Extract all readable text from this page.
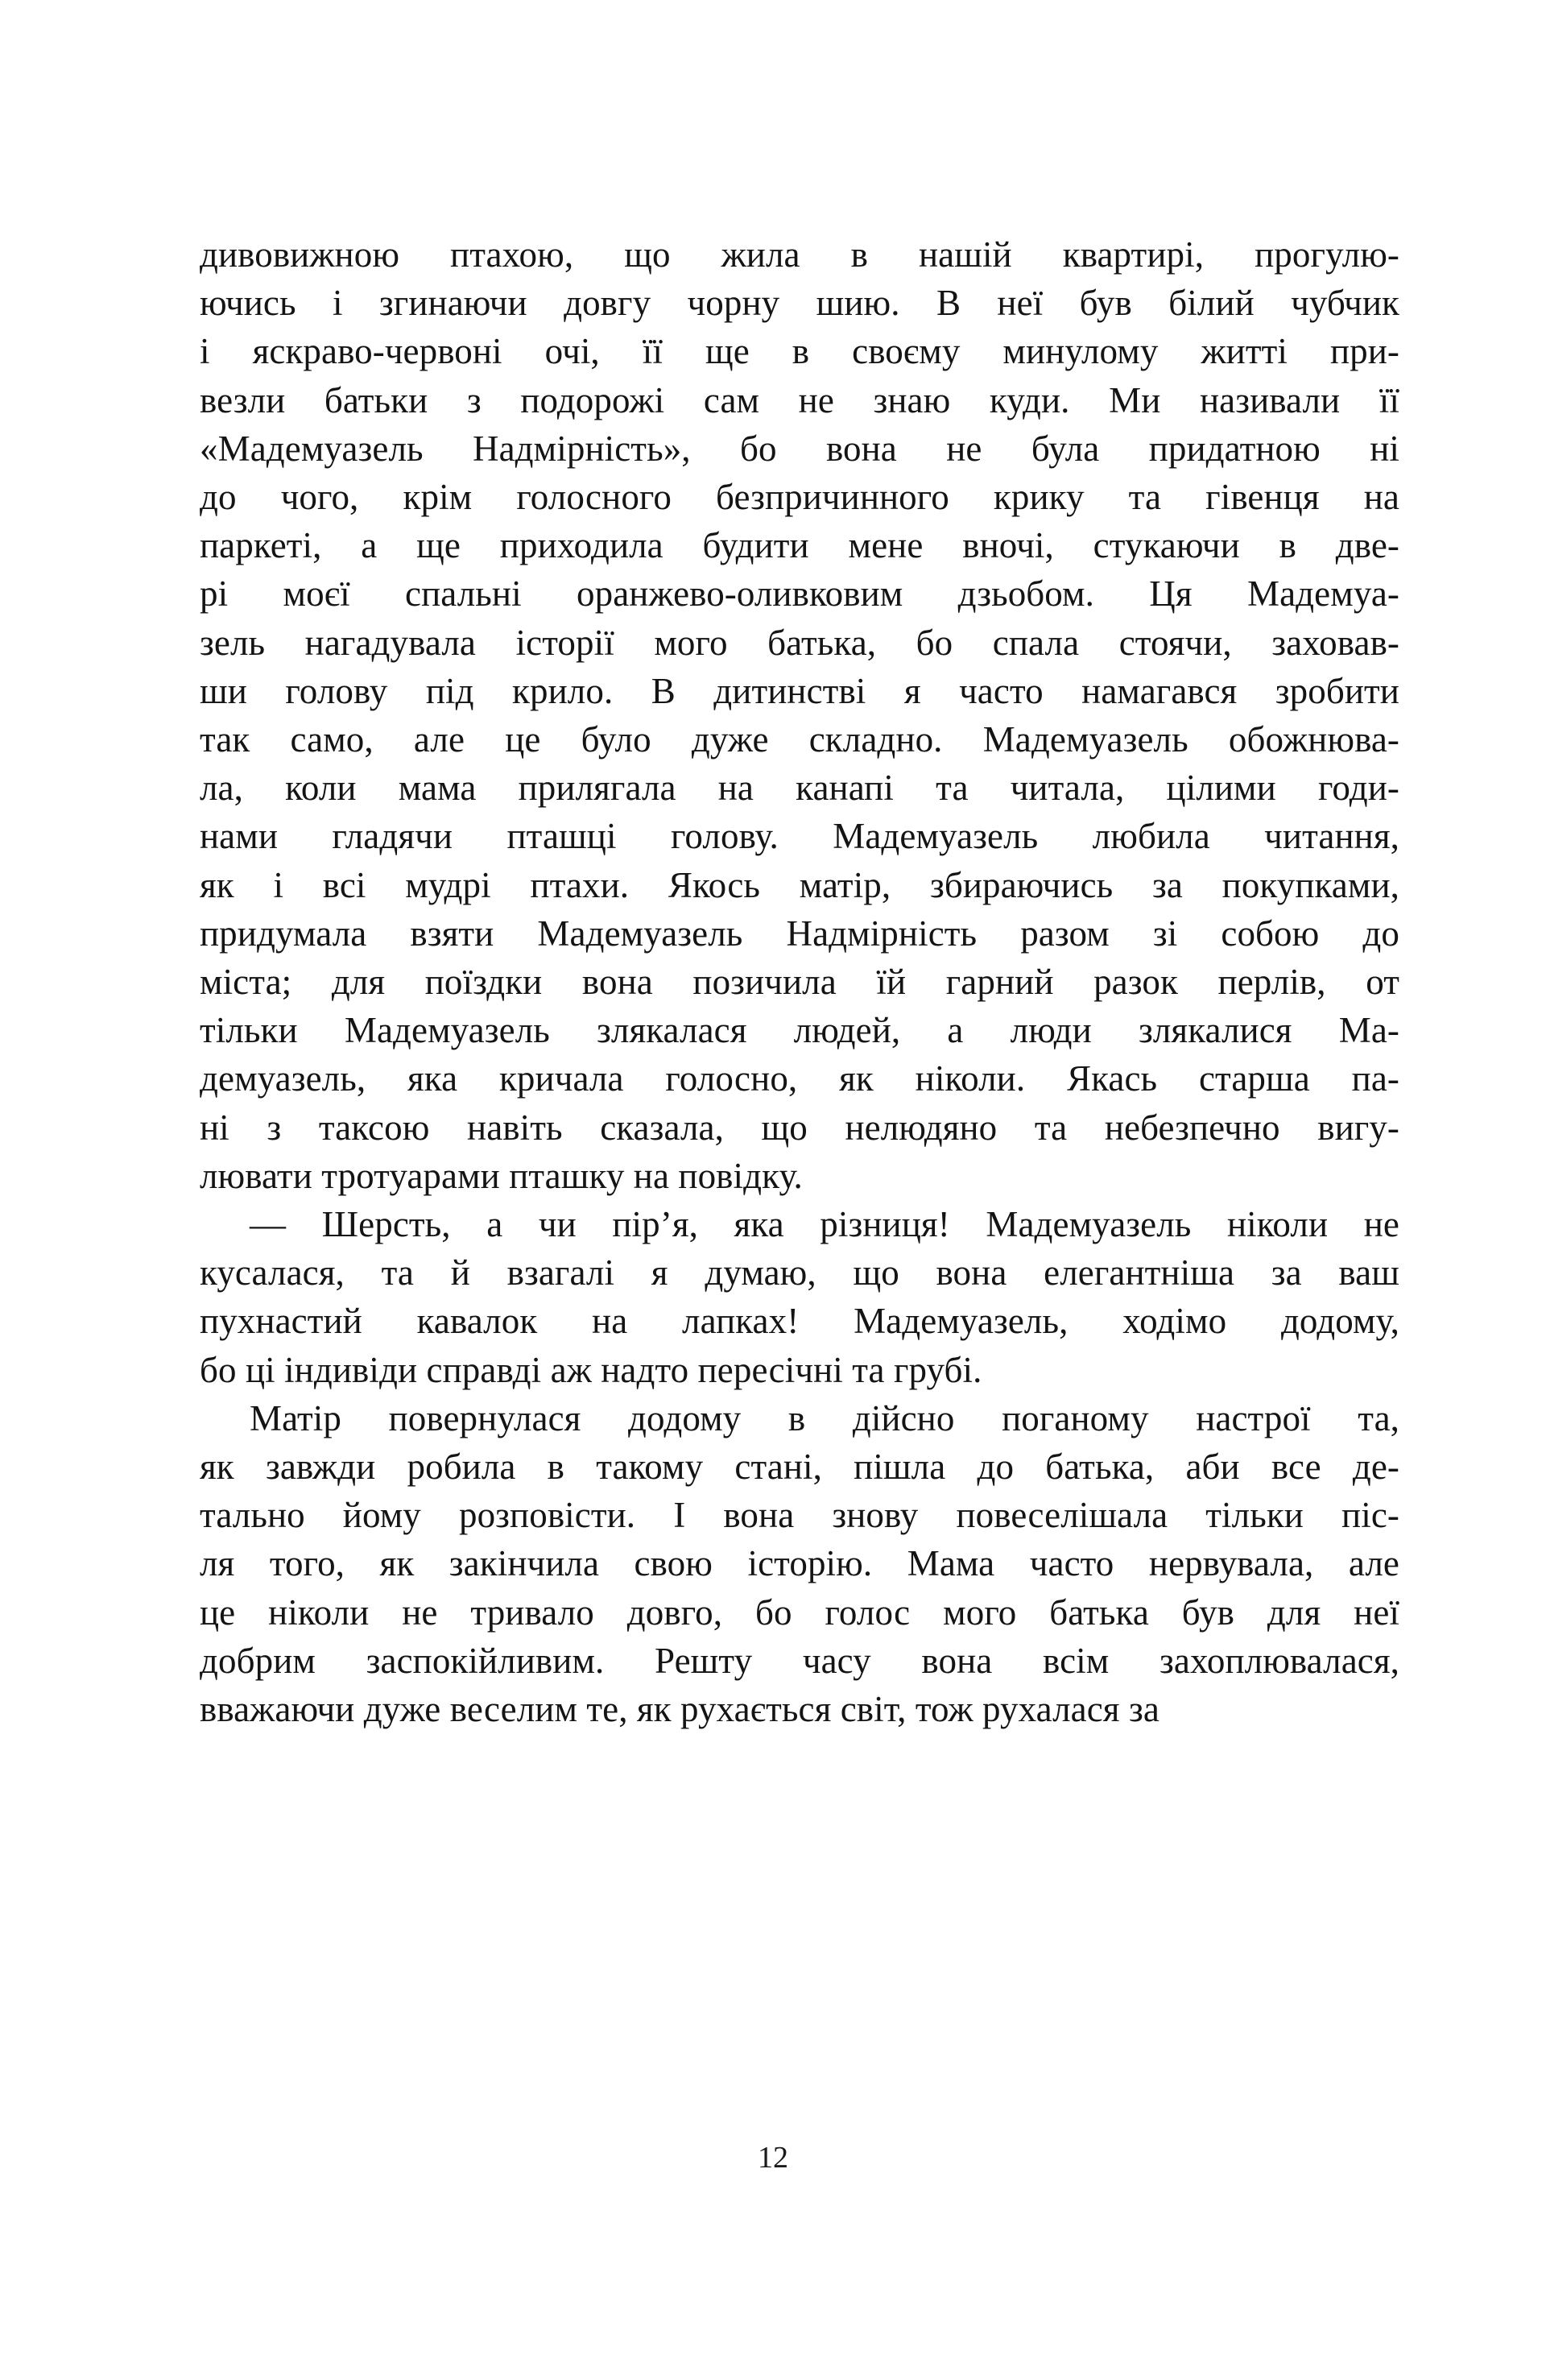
дивовижною птахою, що жила в нашій квартирі, прогулю-
ючись і згинаючи довгу чорну шию. В неї був білий чубчик
і яскраво-червоні очі, її ще в своєму минулому житті при-
везли батьки з подорожі сам не знаю куди. Ми називали її
«Мадемуазель Надмірність», бо вона не була придатною ні
до чого, крім голосного безпричинного крику та гівенця на
паркеті, а ще приходила будити мене вночі, стукаючи в две-
рі моєї спальні оранжево-оливковим дзьобом. Ця Мадемуа-
зель нагадувала історії мого батька, бо спала стоячи, заховав-
ши голову під крило. В дитинстві я часто намагався зробити
так само, але це було дуже складно. Мадемуазель обожнюва-
ла, коли мама прилягала на канапі та читала, цілими годи-
нами гладячи пташці голову. Мадемуазель любила читання,
як і всі мудрі птахи. Якось матір, збираючись за покупками,
придумала взяти Мадемуазель Надмірність разом зі собою до
міста; для поїздки вона позичила їй гарний разок перлів, от
тільки Мадемуазель злякалася людей, а люди злякалися Ма-
демуазель, яка кричала голосно, як ніколи. Якась старша па-
ні з таксою навіть сказала, що нелюдяно та небезпечно вигу-
лювати тротуарами пташку на повідку.

— Шерсть, а чи пір’я, яка різниця! Мадемуазель ніколи не
кусалася, та й взагалі я думаю, що вона елегантніша за ваш
пухнастий кавалок на лапках! Мадемуазель, ходімо додому,
бо ці індивіди справді аж надто пересічні та грубі.

Матір повернулася додому в дійсно поганому настрої та,
як завжди робила в такому стані, пішла до батька, аби все де-
тально йому розповісти. І вона знову повеселішала тільки піс-
ля того, як закінчила свою історію. Мама часто нервувала, але
це ніколи не тривало довго, бо голос мого батька був для неї
добрим заспокійливим. Решту часу вона всім захоплювалася,
вважаючи дуже веселим те, як рухається світ, тож рухалася за

12
